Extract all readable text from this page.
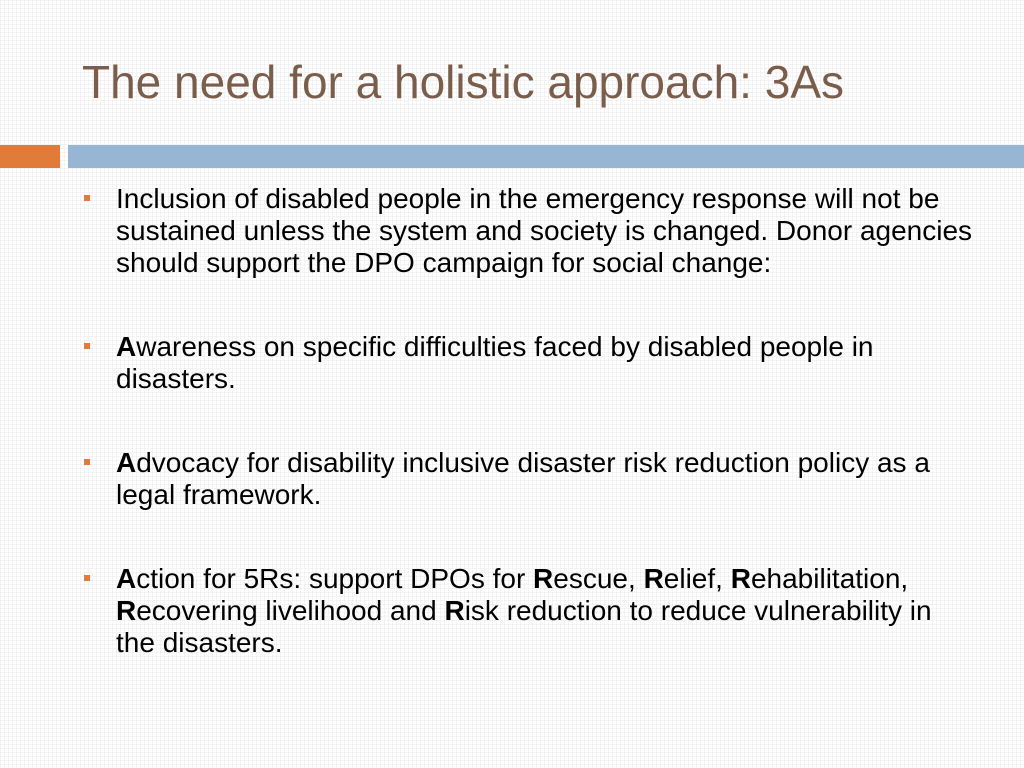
The need for a holistic approach: 3As
Inclusion of disabled people in the emergency response will not be sustained unless the system and society is changed. Donor agencies should support the DPO campaign for social change:
Awareness on specific difficulties faced by disabled people in disasters.
Advocacy for disability inclusive disaster risk reduction policy as a legal framework.
Action for 5Rs: support DPOs for Rescue, Relief, Rehabilitation, Recovering livelihood and Risk reduction to reduce vulnerability in the disasters.
